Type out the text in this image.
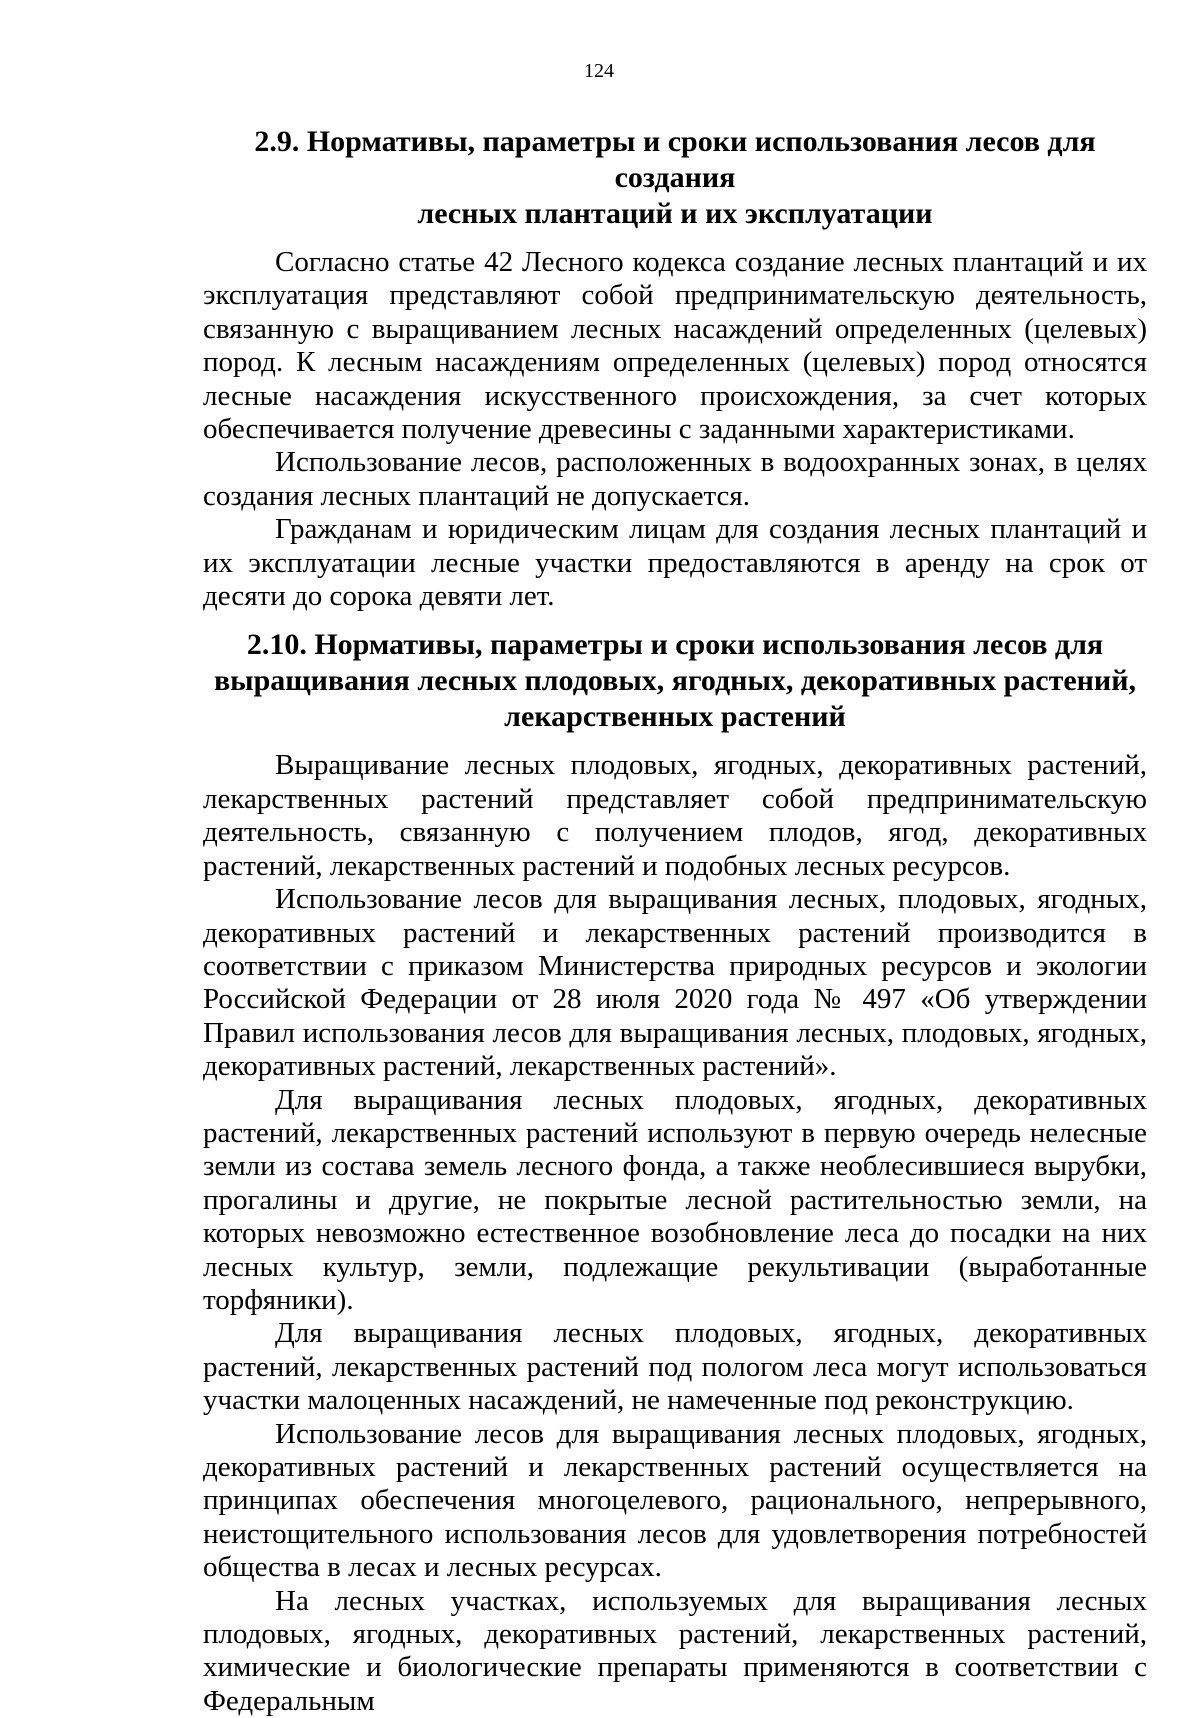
124
2.9. Нормативы, параметры и сроки использования лесов для создания
лесных плантаций и их эксплуатации

Согласно статье 42 Лесного кодекса создание лесных плантаций и их эксплуатация представляют собой предпринимательскую деятельность, связанную с выращиванием лесных насаждений определенных (целевых) пород. К лесным насаждениям определенных (целевых) пород относятся лесные насаждения искусственного происхождения, за счет которых обеспечивается получение древесины с заданными характеристиками.

Использование лесов, расположенных в водоохранных зонах, в целях создания лесных плантаций не допускается.

Гражданам и юридическим лицам для создания лесных плантаций и их эксплуатации лесные участки предоставляются в аренду на срок от десяти до сорока девяти лет.

2.10. Нормативы, параметры и сроки использования лесов для
выращивания лесных плодовых, ягодных, декоративных растений,
лекарственных растений

Выращивание лесных плодовых, ягодных, декоративных растений, лекарственных растений представляет собой предпринимательскую деятельность, связанную с получением плодов, ягод, декоративных растений, лекарственных растений и подобных лесных ресурсов.

Использование лесов для выращивания лесных, плодовых, ягодных, декоративных растений и лекарственных растений производится в соответствии с приказом Министерства природных ресурсов и экологии Российской Федерации от 28 июля 2020 года № 497 «Об утверждении Правил использования лесов для выращивания лесных, плодовых, ягодных, декоративных растений, лекарственных растений».

Для выращивания лесных плодовых, ягодных, декоративных растений, лекарственных растений используют в первую очередь нелесные земли из состава земель лесного фонда, а также необлесившиеся вырубки, прогалины и другие, не покрытые лесной растительностью земли, на которых невозможно естественное возобновление леса до посадки на них лесных культур, земли, подлежащие рекультивации (выработанные торфяники).

Для выращивания лесных плодовых, ягодных, декоративных растений, лекарственных растений под пологом леса могут использоваться участки малоценных насаждений, не намеченные под реконструкцию.

Использование лесов для выращивания лесных плодовых, ягодных, декоративных растений и лекарственных растений осуществляется на принципах обеспечения многоцелевого, рационального, непрерывного, неистощительного использования лесов для удовлетворения потребностей общества в лесах и лесных ресурсах.

На лесных участках, используемых для выращивания лесных плодовых, ягодных, декоративных растений, лекарственных растений, химические и биологические препараты применяются в соответствии с Федеральным
